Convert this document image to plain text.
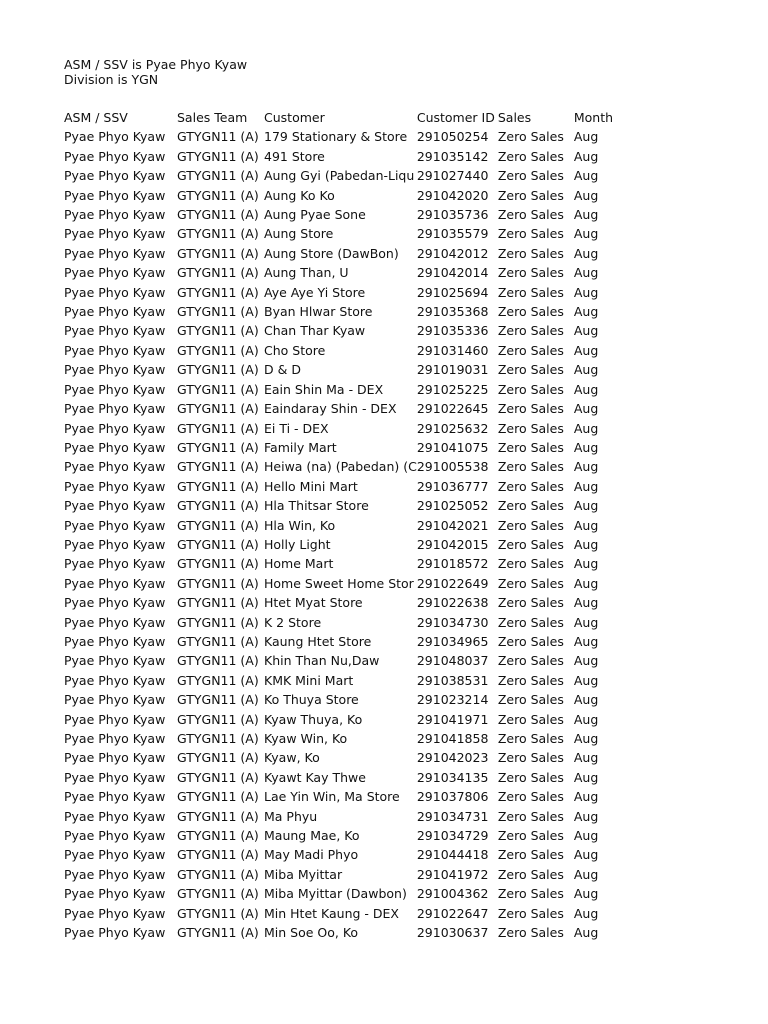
ASM / SSV is Pyae Phyo Kyaw
Division is YGN
ASM / SSV	Sales Team	Customer	Customer ID	Sales	Month
Pyae Phyo Kyaw	GTYGN11 (A)	179 Stationary & Store	291050254	Zero Sales	Aug
Pyae Phyo Kyaw	GTYGN11 (A)	491 Store	291035142	Zero Sales	Aug
Pyae Phyo Kyaw	GTYGN11 (A)	Aung Gyi (Pabedan-Liqu	291027440	Zero Sales	Aug
Pyae Phyo Kyaw	GTYGN11 (A)	Aung Ko Ko	291042020	Zero Sales	Aug
Pyae Phyo Kyaw	GTYGN11 (A)	Aung Pyae Sone	291035736	Zero Sales	Aug
Pyae Phyo Kyaw	GTYGN11 (A)	Aung Store	291035579	Zero Sales	Aug
Pyae Phyo Kyaw	GTYGN11 (A)	Aung Store (DawBon)	291042012	Zero Sales	Aug
Pyae Phyo Kyaw	GTYGN11 (A)	Aung Than, U	291042014	Zero Sales	Aug
Pyae Phyo Kyaw	GTYGN11 (A)	Aye Aye Yi Store	291025694	Zero Sales	Aug
Pyae Phyo Kyaw	GTYGN11 (A)	Byan Hlwar Store	291035368	Zero Sales	Aug
Pyae Phyo Kyaw	GTYGN11 (A)	Chan Thar Kyaw	291035336	Zero Sales	Aug
Pyae Phyo Kyaw	GTYGN11 (A)	Cho Store	291031460	Zero Sales	Aug
Pyae Phyo Kyaw	GTYGN11 (A)	D & D	291019031	Zero Sales	Aug
Pyae Phyo Kyaw	GTYGN11 (A)	Eain Shin Ma - DEX	291025225	Zero Sales	Aug
Pyae Phyo Kyaw	GTYGN11 (A)	Eaindaray Shin - DEX	291022645	Zero Sales	Aug
Pyae Phyo Kyaw	GTYGN11 (A)	Ei Ti - DEX	291025632	Zero Sales	Aug
Pyae Phyo Kyaw	GTYGN11 (A)	Family Mart	291041075	Zero Sales	Aug
Pyae Phyo Kyaw	GTYGN11 (A)	Heiwa (na) (Pabedan) (C	291005538	Zero Sales	Aug
Pyae Phyo Kyaw	GTYGN11 (A)	Hello Mini Mart	291036777	Zero Sales	Aug
Pyae Phyo Kyaw	GTYGN11 (A)	Hla Thitsar Store	291025052	Zero Sales	Aug
Pyae Phyo Kyaw	GTYGN11 (A)	Hla Win, Ko	291042021	Zero Sales	Aug
Pyae Phyo Kyaw	GTYGN11 (A)	Holly Light	291042015	Zero Sales	Aug
Pyae Phyo Kyaw	GTYGN11 (A)	Home Mart	291018572	Zero Sales	Aug
Pyae Phyo Kyaw	GTYGN11 (A)	Home Sweet Home Stor	291022649	Zero Sales	Aug
Pyae Phyo Kyaw	GTYGN11 (A)	Htet Myat Store	291022638	Zero Sales	Aug
Pyae Phyo Kyaw	GTYGN11 (A)	K 2 Store	291034730	Zero Sales	Aug
Pyae Phyo Kyaw	GTYGN11 (A)	Kaung Htet Store	291034965	Zero Sales	Aug
Pyae Phyo Kyaw	GTYGN11 (A)	Khin Than Nu,Daw	291048037	Zero Sales	Aug
Pyae Phyo Kyaw	GTYGN11 (A)	KMK Mini Mart	291038531	Zero Sales	Aug
Pyae Phyo Kyaw	GTYGN11 (A)	Ko Thuya Store	291023214	Zero Sales	Aug
Pyae Phyo Kyaw	GTYGN11 (A)	Kyaw Thuya, Ko	291041971	Zero Sales	Aug
Pyae Phyo Kyaw	GTYGN11 (A)	Kyaw Win, Ko	291041858	Zero Sales	Aug
Pyae Phyo Kyaw	GTYGN11 (A)	Kyaw, Ko	291042023	Zero Sales	Aug
Pyae Phyo Kyaw	GTYGN11 (A)	Kyawt Kay Thwe	291034135	Zero Sales	Aug
Pyae Phyo Kyaw	GTYGN11 (A)	Lae Yin Win, Ma Store	291037806	Zero Sales	Aug
Pyae Phyo Kyaw	GTYGN11 (A)	Ma Phyu	291034731	Zero Sales	Aug
Pyae Phyo Kyaw	GTYGN11 (A)	Maung Mae, Ko	291034729	Zero Sales	Aug
Pyae Phyo Kyaw	GTYGN11 (A)	May Madi Phyo	291044418	Zero Sales	Aug
Pyae Phyo Kyaw	GTYGN11 (A)	Miba Myittar	291041972	Zero Sales	Aug
Pyae Phyo Kyaw	GTYGN11 (A)	Miba Myittar (Dawbon)	291004362	Zero Sales	Aug
Pyae Phyo Kyaw	GTYGN11 (A)	Min Htet Kaung - DEX	291022647	Zero Sales	Aug
Pyae Phyo Kyaw	GTYGN11 (A)	Min Soe Oo, Ko	291030637	Zero Sales	Aug
